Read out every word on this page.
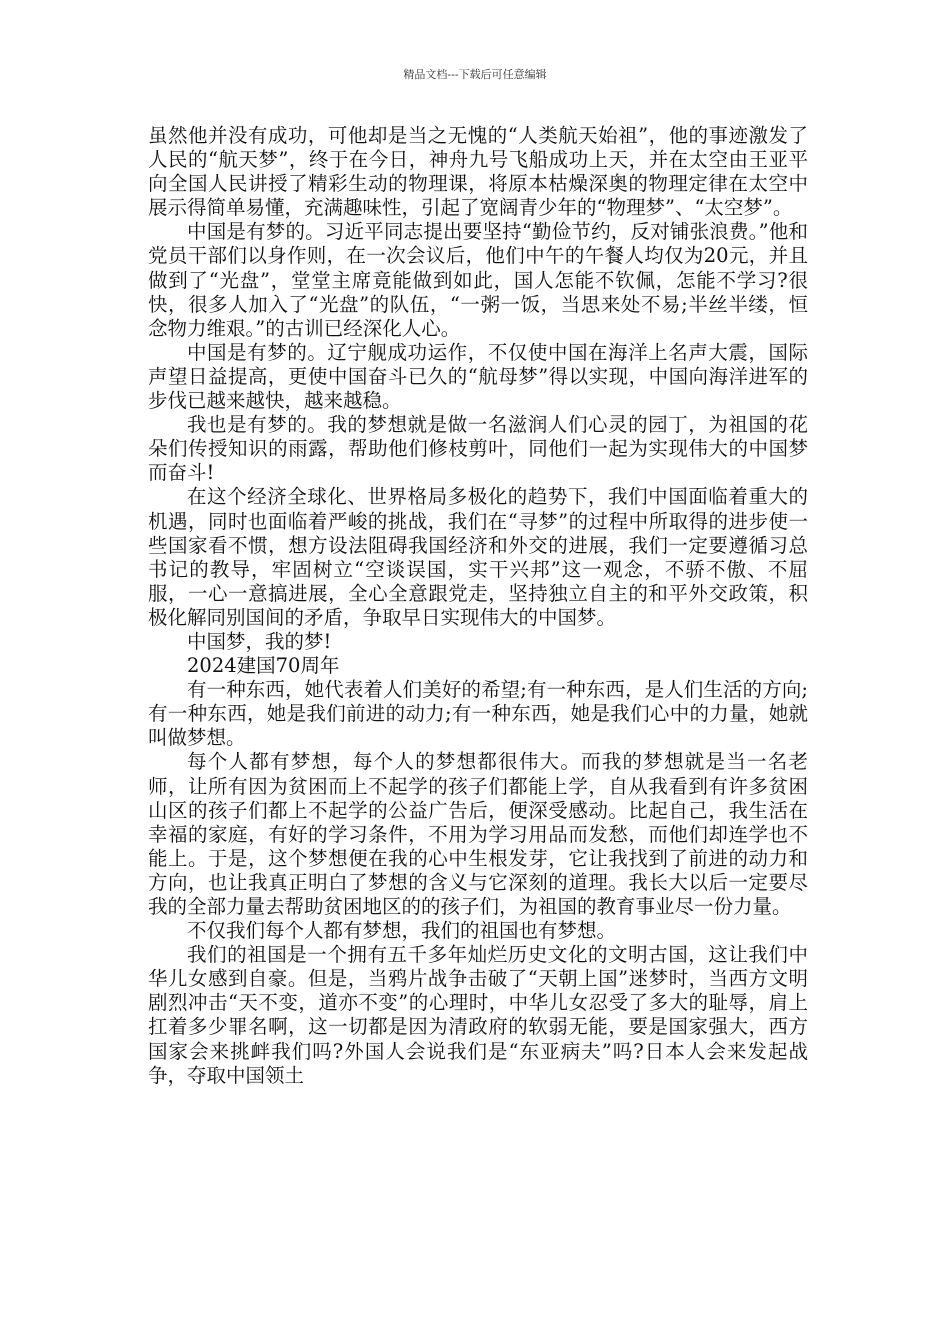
精品文档---下载后可任意编辑

虽然他并没有成功，可他却是当之无愧的“人类航天始祖”，他的事迹激发了人民的“航天梦”，终于在今日，神舟九号飞船成功上天，并在太空由王亚平向全国人民讲授了精彩生动的物理课，将原本枯燥深奥的物理定律在太空中展示得简单易懂，充满趣味性，引起了宽阔青少年的“物理梦”、“太空梦”。

中国是有梦的。习近平同志提出要坚持“勤俭节约，反对铺张浪费。”他和党员干部们以身作则，在一次会议后，他们中午的午餐人均仅为20元，并且做到了“光盘”，堂堂主席竟能做到如此，国人怎能不钦佩，怎能不学习?很快，很多人加入了“光盘”的队伍，“一粥一饭，当思来处不易;半丝半缕，恒念物力维艰。”的古训已经深化人心。

中国是有梦的。辽宁舰成功运作，不仅使中国在海洋上名声大震，国际声望日益提高，更使中国奋斗已久的“航母梦”得以实现，中国向海洋进军的步伐已越来越快，越来越稳。

我也是有梦的。我的梦想就是做一名滋润人们心灵的园丁，为祖国的花朵们传授知识的雨露，帮助他们修枝剪叶，同他们一起为实现伟大的中国梦而奋斗!

在这个经济全球化、世界格局多极化的趋势下，我们中国面临着重大的机遇，同时也面临着严峻的挑战，我们在“寻梦”的过程中所取得的进步使一些国家看不惯，想方设法阻碍我国经济和外交的进展，我们一定要遵循习总书记的教导，牢固树立“空谈误国，实干兴邦”这一观念，不骄不傲、不屈服，一心一意搞进展，全心全意跟党走，坚持独立自主的和平外交政策，积极化解同别国间的矛盾，争取早日实现伟大的中国梦。

中国梦，我的梦!

2024建国70周年

有一种东西，她代表着人们美好的希望;有一种东西，是人们生活的方向;有一种东西，她是我们前进的动力;有一种东西，她是我们心中的力量，她就叫做梦想。

每个人都有梦想，每个人的梦想都很伟大。而我的梦想就是当一名老师，让所有因为贫困而上不起学的孩子们都能上学，自从我看到有许多贫困山区的孩子们都上不起学的公益广告后，便深受感动。比起自己，我生活在幸福的家庭，有好的学习条件，不用为学习用品而发愁，而他们却连学也不能上。于是，这个梦想便在我的心中生根发芽，它让我找到了前进的动力和方向，也让我真正明白了梦想的含义与它深刻的道理。我长大以后一定要尽我的全部力量去帮助贫困地区的的孩子们，为祖国的教育事业尽一份力量。

不仅我们每个人都有梦想，我们的祖国也有梦想。

我们的祖国是一个拥有五千多年灿烂历史文化的文明古国，这让我们中华儿女感到自豪。但是，当鸦片战争击破了“天朝上国”迷梦时，当西方文明剧烈冲击“天不变，道亦不变”的心理时，中华儿女忍受了多大的耻辱，肩上扛着多少罪名啊，这一切都是因为清政府的软弱无能，要是国家强大，西方国家会来挑衅我们吗?外国人会说我们是“东亚病夫”吗?日本人会来发起战争，夺取中国领土
